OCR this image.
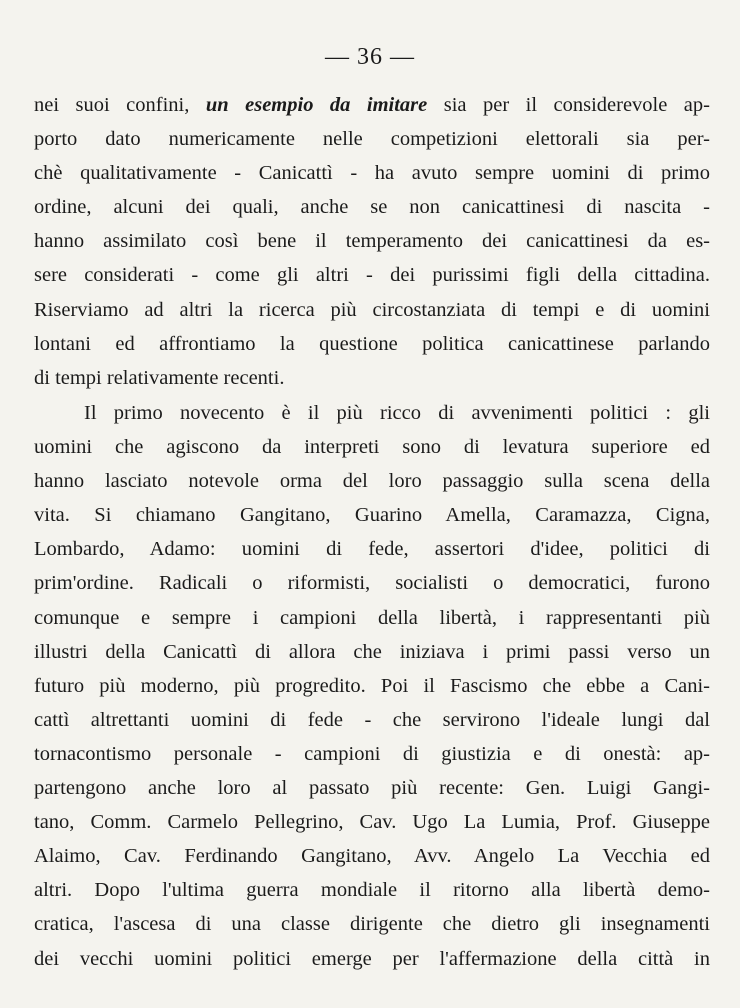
— 36 —
nei suoi confini, un esempio da imitare sia per il considerevole ap-
porto dato numericamente nelle competizioni elettorali sia per-
chè qualitativamente - Canicattì - ha avuto sempre uomini di primo
ordine, alcuni dei quali, anche se non canicattinesi di nascita -
hanno assimilato così bene il temperamento dei canicattinesi da es-
sere considerati - come gli altri - dei purissimi figli della cittadina.
Riserviamo ad altri la ricerca più circostanziata di tempi e di uomini
lontani ed affrontiamo la questione politica canicattinese parlando
di tempi relativamente recenti.
Il primo novecento è il più ricco di avvenimenti politici : gli
uomini che agiscono da interpreti sono di levatura superiore ed
hanno lasciato notevole orma del loro passaggio sulla scena della
vita. Si chiamano Gangitano, Guarino Amella, Caramazza, Cigna,
Lombardo, Adamo: uomini di fede, assertori d'idee, politici di
prim'ordine. Radicali o riformisti, socialisti o democratici, furono
comunque e sempre i campioni della libertà, i rappresentanti più
illustri della Canicattì di allora che iniziava i primi passi verso un
futuro più moderno, più progredito. Poi il Fascismo che ebbe a Cani-
cattì altrettanti uomini di fede - che servirono l'ideale lungi dal
tornacontismo personale - campioni di giustizia e di onestà: ap-
partengono anche loro al passato più recente: Gen. Luigi Gangi-
tano, Comm. Carmelo Pellegrino, Cav. Ugo La Lumia, Prof. Giuseppe
Alaimo, Cav. Ferdinando Gangitano, Avv. Angelo La Vecchia ed
altri. Dopo l'ultima guerra mondiale il ritorno alla libertà demo-
cratica, l'ascesa di una classe dirigente che dietro gli insegnamenti
dei vecchi uomini politici emerge per l'affermazione della città in
